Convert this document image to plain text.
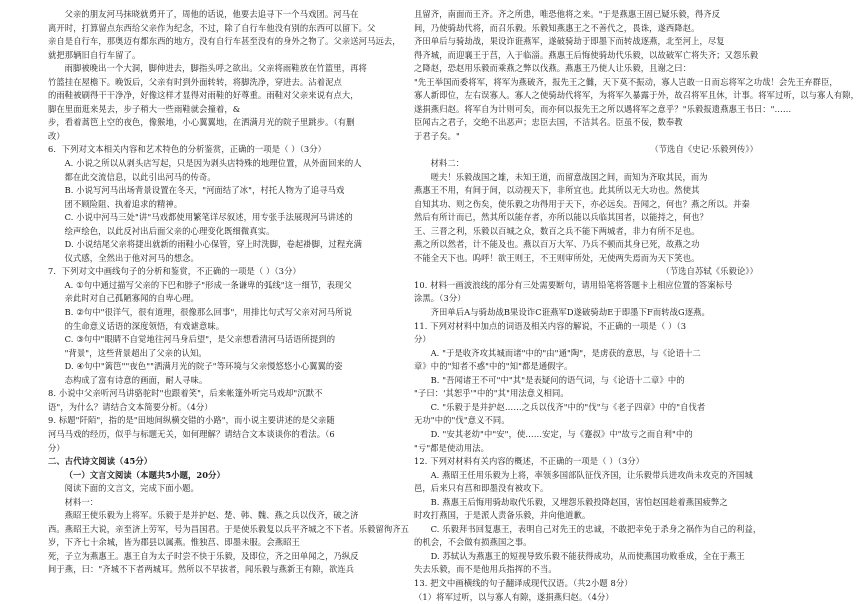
父亲的朋友河马抹晓就勇开了，周他的话说，他要去追寻下一个马戏团。河马在

离开时，打算留点东西给父亲作为纪念，不过，除了自行车他没有别的东西可以留下。父

亲自是自行车，那奥迈有都东西的地方，没有自行车甚至没有的身外之物了。父亲送河马远去，

就把那辆旧自行车留了。

雨脚被晚出一个大洞，脚伸进去，脚指头呼之欲出。父亲将雨鞋放在竹篮里，再将

竹篮挂在屋檐下。晚饭后，父亲有时到外面转转，将脚洗净，穿进去。沾着泥点

的雨鞋被刷得干干净净，好像这样才显得对雨鞋的好尊重。雨鞋对父亲来说有点大，

脚在里面逛来晃去，步子稍大一些雨鞋就会撞着，&

步，看着蒿笆上空的夜色，像猴地，小心翼翼地，在洒满月光的院子里跳步。（有删

改）

6．下列对文本相关内容和艺术特色的分析鉴赏，正确的一项是（ ）（3分）

A. 小说之所以从剥头店写起，只是因为剥头店特殊的地理位置，从外面回来的人

都在此交流信息，以此引出河马的传奇。

B. 小说写河马出场背景设置在冬天，"河面结了冰"，村托人物为了追寻马戏

团不顾险阻、执着追求的精神。

C. 小说中河马三处"讲"马戏都使用繁笔详尽叙述，用专张手法展现河马讲述的

绘声绘色，以此反衬出后面父亲的心理变化既细微真实。

D. 小说结尾父亲将捷出就新的雨鞋小心保管，穿上时洗脚，卷起褂脚，过程充满

仪式感，全然出于他对河马的想念。

7．下列对文中画线句子的分析和鉴赏，不正确的一项是（ ）（3分）

A. ①句中通过描写父亲的下巴和脖子"形成一条谦卑的弧线"这一细节，表现父

亲此时对自己孤陋寡闻的自卑心理。

B. ②句中"很洋气，很有道理，很像那么回事"，用排比句式写父亲对河马所说

的生命意义话语的深度领悟，有戏谑意味。

C. ③句中"眼睛不自觉地往河马身后望"，是父亲想看清河马话语所提到的

"背景"，这些背景超出了父亲的认知。

D. ④句中"篱笆""夜色""洒满月光的院子"等环境与父亲慢悠悠小心翼翼的姿

态构成了富有诗意的画面，耐人寻味。

8. 小说中父亲听河马讲骆驼时"也跟着笑"，后来帐篷外听完马戏却"沉默不

语"，为什么？请结合文本简要分析。（4分）

9. 标题"阡陌"，指的是"田地间纵横交错的小路"，而小说主要讲述的是父亲随

河马马戏的经历，似乎与标题无关，如何理解？请结合文本谈谈你的看法。（6

分）

二、古代诗文阅读（45分）

（一）文言文阅读（本题共5小题，20分）

阅读下面的文言文，完成下面小题。

材料一：

燕昭王使乐毅为上将军。乐毅于是并护赵、楚、韩、魏、燕之兵以伐齐，破之济

西。燕昭王大说，亲至济上劳军，号为昌国君。于是使乐毅复以兵平齐城之不下者。乐毅留徇齐五

岁，下齐七十余城，皆为郡县以属燕。惟独莒、即墨未服。会燕昭王

死，子立为燕惠王。惠王自为太子时尝不快于乐毅，及即位，齐之田单闻之，乃纵反

间于燕，曰："齐城不下者两城耳。然所以不早拔者，闻乐毅与燕新王有隙，欲连兵

且留齐，南面而王齐。齐之所患，唯恐他将之来。"于是燕惠王固已疑乐毅，得齐反

间，乃使骑劫代将，而召乐毅。乐毅知燕惠王之不善代之，畏诛，遂西降赵。

齐田单后与骑劫战，果设诈诳燕军，遂破骑劫于即墨下而转战逐燕，北至河上，尽复

得齐城，而迎襄王于莒，入于临淄。燕惠王后悔使骑劫代乐毅，以故破军亡将失齐；又怨乐毅

之降赵，恐赵用乐毅而乘燕之弊以伐燕。燕惠王乃使人让乐毅，且谢之曰：

"先王举国而委将军，将军为燕破齐，报先王之雠，天下莫不振动，寡人岂敢一日而忘将军之功哉！会先王弃群臣，

寡人新即位，左右误寡人。寡人之使骑劫代将军，为将军久暴露于外，故召将军且休，计事。将军过听，以与寡人有隙，

遂捐燕归赵。将军自为计则可矣，而亦何以报先王之所以遇将军之意乎？"乐毅报遗燕惠王书曰："……

臣闻古之君子，交绝不出恶声；忠臣去国，不洁其名。臣虽不佞，数奉教

于君子矣。"

（节选自《史记·乐毅列传》）

材料二：

嗟夫！乐毅战国之雄，未知王道，而留意战国之间，而知为齐取其民，而为

燕惠王不用，有间于间，以动视天下，非所宜也。此其所以无大功也。然使其

自知其功、则之伤矣，使乐毅之功得用于天下，亦必远矣。吾闻之，何也？燕之所以。并秦

然后有所计而已，然其所以能存者，亦所以能以兵临其国者，以能持之，何也？

王、三晋之利，乐毅以百城之众，数百之兵不能下两城者，非力有所不足也。

燕之所以然者，计不能及也。燕以百万大军、乃兵不顿而其身已死，故燕之功

不能全天下也。呜呼！欲王则王，不王则审所处，无使两失焉而为天下笑也。

（节选自苏轼《乐毅论》）

10. 材料一画波浪线的部分有三处需要断句，请用铅笔将答题卡上相应位置的答案标号

涂黑。（3分）

齐田单后A与骑劫战B果设诈C诳燕军D遂破骑劫E于即墨下F而转战G逐燕。

11. 下列对材料中加点的词语及相关内容的解说，不正确的一项是（ ）（3

分）

A. "于是收齐攻其城而诸"中的"由"通"陶"，是虏获的意思，与《论语十二

章》中的"知者不惑"中的"知"都是通假字。

B. "吾闻诸王不可"中"其"是表疑问的语气词，与《论语十二章》中的

"子曰：'其恕乎'"中的"其"用法意义相同。

C. "乐毅于是并护赵……之兵以伐齐"中的"伐"与《老子四章》中的"自伐者

无功"中的"伐"意义不同。

D. "安其老幼"中"安"，使……安定，与《蹇叔》中"故亏之而自利"中的

"亏"都是使动用法。

12. 下列对材料有关内容的概述，不正确的一项是（ ）（3分）

A. 燕昭王任用乐毅为上将，率领多国部队征伐齐国，让乐毅带兵进攻尚未攻克的齐国城

邑，后来只有莒和即墨没有被攻下。

B. 燕惠王后悔用骑劫取代乐毅，又埋怨乐毅投降赵国，害怕赵国趁着燕国疲弊之

时攻打燕国，于是派人责备乐毅，并向他道歉。

C. 乐毅拜书回复惠王，表明自己对先王的忠诚，不敢把幸免于杀身之祸作为自己的利益，

的机会，不会做有损燕国之事。

D. 苏轼认为燕惠王的短视导致乐毅不能获得成功，从而使燕国功败垂成，全在于燕王

失去乐毅，而不是他用兵指挥的不当。

13. 把文中画横线的句子翻译成现代汉语。（共2小题 8分）

（1）将军过听，以与寡人有隙，遂捐燕归赵。（4分）
